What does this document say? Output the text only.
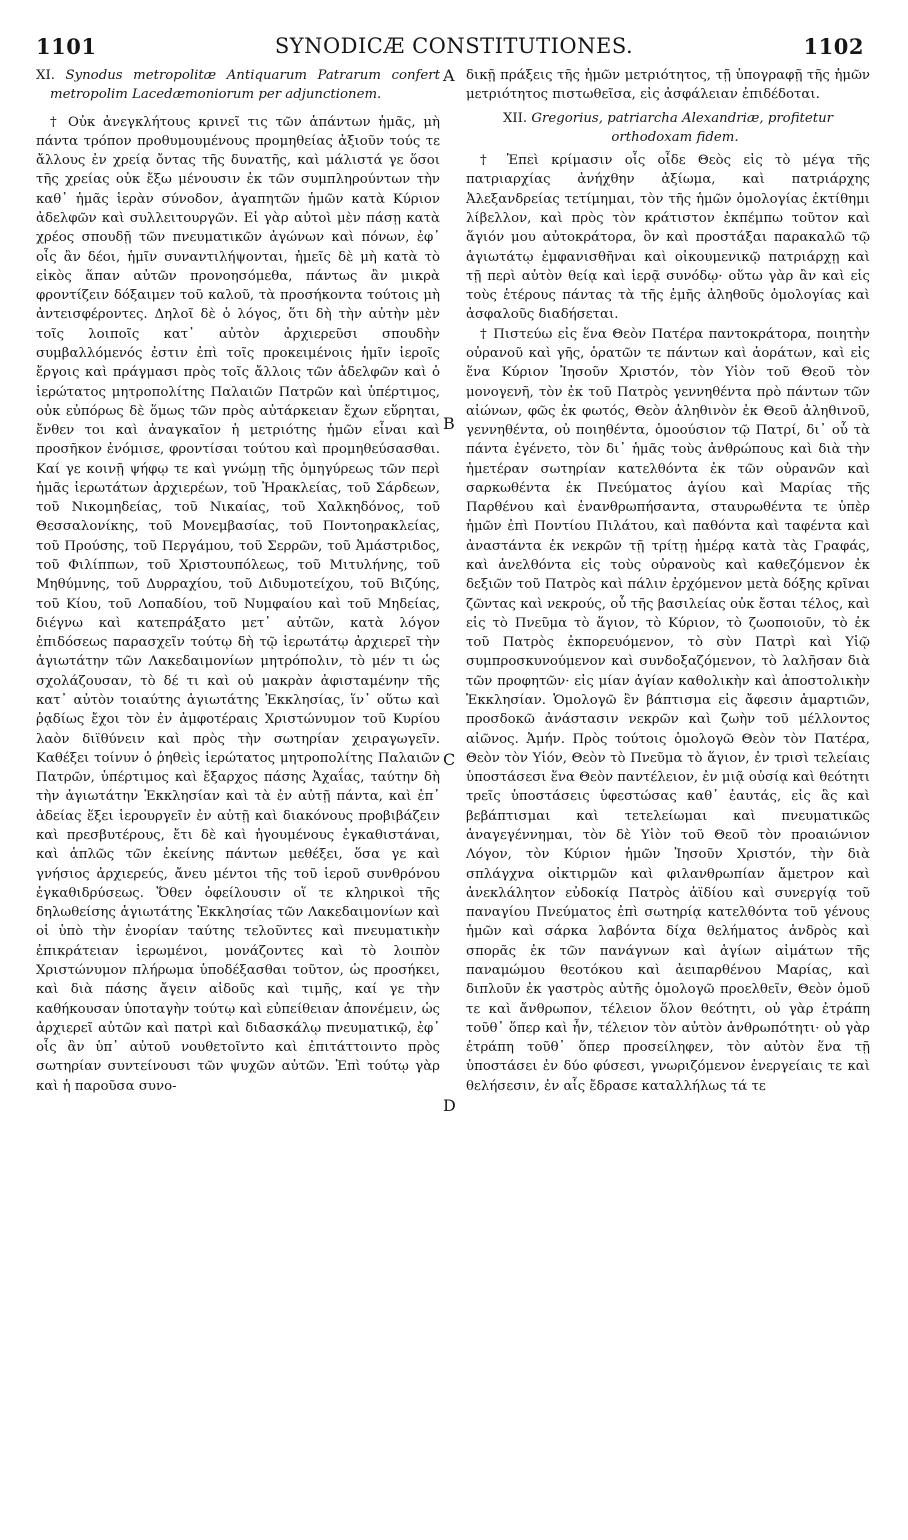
1101	SYNODICÆ CONSTITUTIONES.	1102

XI. Synodus metropolitæ Antiquarum Patrarum confert metropolim Lacedæmoniorum per adjunctionem.

† Οὐκ ἀνεγκλήτους κρινεῖ τις τῶν ἁπάντων ἡμᾶς, μὴ πάντα τρόπον προθυμουμένους προμηθείας ἀξιοῦν τούς τε ἄλλους ἐν χρείᾳ ὄντας τῆς δυνατῆς, καὶ μάλιστά γε ὅσοι τῆς χρείας οὐκ ἔξω μένουσιν ἐκ τῶν συμπληρούντων τὴν καθ᾽ ἡμᾶς ἱερὰν σύνοδον, ἀγαπητῶν ἡμῶν κατὰ Κύριον ἀδελφῶν καὶ συλλειτουργῶν. Εἰ γὰρ αὐτοὶ μὲν πάσῃ κατὰ χρέος σπουδῇ τῶν πνευματικῶν ἀγώνων καὶ πόνων, ἐφ᾽ οἷς ἂν δέοι, ἡμῖν συναντιλήψονται, ἡμεῖς δὲ μὴ κατὰ τὸ εἰκὸς ἅπαν αὐτῶν προνοησόμεθα, πάντως ἂν μικρὰ φροντίζειν δόξαιμεν τοῦ καλοῦ, τὰ προσήκοντα τούτοις μὴ ἀντεισφέροντες. Δηλοῖ δὲ ὁ λόγος, ὅτι δὴ τὴν αὐτὴν μὲν τοῖς λοιποῖς κατ᾽ αὐτὸν ἀρχιερεῦσι σπουδὴν συμβαλλόμενός ἐστιν ἐπὶ τοῖς προκειμένοις ἡμῖν ἱεροῖς ἔργοις καὶ πράγμασι πρὸς τοῖς ἄλλοις τῶν ἀδελφῶν καὶ ὁ ἱερώτατος μητροπολίτης Παλαιῶν Πατρῶν καὶ ὑπέρτιμος, οὐκ εὐπόρως δὲ ὅμως τῶν πρὸς αὐτάρκειαν ἔχων εὕρηται, ἔνθεν τοι καὶ ἀναγκαῖον ἡ μετριότης ἡμῶν εἶναι καὶ προσῆκον ἐνόμισε, φροντίσαι τούτου καὶ προμηθεύσασθαι. Καί γε κοινῇ ψήφῳ τε καὶ γνώμῃ τῆς ὁμηγύρεως τῶν περὶ ἡμᾶς ἱερωτάτων ἀρχιερέων, τοῦ Ἡρακλείας, τοῦ Σάρδεων, τοῦ Νικομηδείας, τοῦ Νικαίας, τοῦ Χαλκηδόνος, τοῦ Θεσσαλονίκης, τοῦ Μονεμβασίας, τοῦ Ποντοηρακλείας, τοῦ Προύσης, τοῦ Περγάμου, τοῦ Σερρῶν, τοῦ Ἀμάστριδος, τοῦ Φιλίππων, τοῦ Χριστουπόλεως, τοῦ Μιτυλήνης, τοῦ Μηθύμνης, τοῦ Δυρραχίου, τοῦ Διδυμοτείχου, τοῦ Βιζύης, τοῦ Κίου, τοῦ Λοπαδίου, τοῦ Νυμφαίου καὶ τοῦ Μηδείας, διέγνω καὶ κατεπράξατο μετ᾽ αὐτῶν, κατὰ λόγον ἐπιδόσεως παρασχεῖν τούτῳ δὴ τῷ ἱερωτάτῳ ἀρχιερεῖ τὴν ἁγιωτάτην τῶν Λακεδαιμονίων μητρόπολιν, τὸ μέν τι ὡς σχολάζουσαν, τὸ δέ τι καὶ οὐ μακρὰν ἀφισταμένην τῆς κατ᾽ αὐτὸν τοιαύτης ἁγιωτάτης Ἐκκλησίας, ἵν᾽ οὕτω καὶ ῥᾳδίως ἔχοι τὸν ἐν ἀμφοτέραις Χριστώνυμον τοῦ Κυρίου λαὸν διϊθύνειν καὶ πρὸς τὴν σωτηρίαν χειραγωγεῖν. Καθέξει τοίνυν ὁ ῥηθεὶς ἱερώτατος μητροπολίτης Παλαιῶν Πατρῶν, ὑπέρτιμος καὶ ἔξαρχος πάσης Ἀχαΐας, ταύτην δὴ τὴν ἁγιωτάτην Ἐκκλησίαν καὶ τὰ ἐν αὐτῇ πάντα, καὶ ἐπ᾽ ἀδείας ἕξει ἱερουργεῖν ἐν αὐτῇ καὶ διακόνους προβιβάζειν καὶ πρεσβυτέρους, ἔτι δὲ καὶ ἡγουμένους ἐγκαθιστάναι, καὶ ἁπλῶς τῶν ἐκείνης πάντων μεθέξει, ὅσα γε καὶ γνήσιος ἀρχιερεύς, ἄνευ μέντοι τῆς τοῦ ἱεροῦ συνθρόνου ἐγκαθιδρύσεως. Ὅθεν ὀφείλουσιν οἵ τε κληρικοὶ τῆς δηλωθείσης ἁγιωτάτης Ἐκκλησίας τῶν Λακεδαιμονίων καὶ οἱ ὑπὸ τὴν ἐνορίαν ταύτης τελοῦντες καὶ πνευματικὴν ἐπικράτειαν ἱερωμένοι, μονάζοντες καὶ τὸ λοιπὸν Χριστώνυμον πλήρωμα ὑποδέξασθαι τοῦτον, ὡς προσήκει, καὶ διὰ πάσης ἄγειν αἰδοῦς καὶ τιμῆς, καί γε τὴν καθήκουσαν ὑποταγὴν τούτῳ καὶ εὐπείθειαν ἀπονέμειν, ὡς ἀρχιερεῖ αὐτῶν καὶ πατρὶ καὶ διδασκάλῳ πνευματικῷ, ἐφ᾽ οἷς ἂν ὑπ᾽ αὐτοῦ νουθετοῖντο καὶ ἐπιτάττοιντο πρὸς σωτηρίαν συντείνουσι τῶν ψυχῶν αὐτῶν. Ἐπὶ τούτῳ γὰρ καὶ ἡ παροῦσα συνο-

A
B
C
D

δικῇ πράξεις τῆς ἡμῶν μετριότητος, τῇ ὑπογραφῇ τῆς ἡμῶν μετριότητος πιστωθεῖσα, εἰς ἀσφάλειαν ἐπιδέδοται.

XII. Gregorius, patriarcha Alexandriæ, profitetur orthodoxam fidem.

† Ἐπεὶ κρίμασιν οἷς οἶδε Θεὸς εἰς τὸ μέγα τῆς πατριαρχίας ἀνήχθην ἀξίωμα, καὶ πατριάρχης Ἀλεξανδρείας τετίμημαι, τὸν τῆς ἡμῶν ὁμολογίας ἐκτίθημι λίβελλον, καὶ πρὸς τὸν κράτιστον ἐκπέμπω τοῦτον καὶ ἅγιόν μου αὐτοκράτορα, ὃν καὶ προστάξαι παρακαλῶ τῷ ἁγιωτάτῳ ἐμφανισθῆναι καὶ οἰκουμενικῷ πατριάρχῃ καὶ τῇ περὶ αὐτὸν θείᾳ καὶ ἱερᾷ συνόδῳ· οὕτω γὰρ ἂν καὶ εἰς τοὺς ἑτέρους πάντας τὰ τῆς ἐμῆς ἀληθοῦς ὁμολογίας καὶ ἀσφαλοῦς διαδήσεται.

† Πιστεύω εἰς ἕνα Θεὸν Πατέρα παντοκράτορα, ποιητὴν οὐρανοῦ καὶ γῆς, ὁρατῶν τε πάντων καὶ ἀοράτων, καὶ εἰς ἕνα Κύριον Ἰησοῦν Χριστόν, τὸν Υἱὸν τοῦ Θεοῦ τὸν μονογενῆ, τὸν ἐκ τοῦ Πατρὸς γεννηθέντα πρὸ πάντων τῶν αἰώνων, φῶς ἐκ φωτός, Θεὸν ἀληθινὸν ἐκ Θεοῦ ἀληθινοῦ, γεννηθέντα, οὐ ποιηθέντα, ὁμοούσιον τῷ Πατρί, δι᾽ οὗ τὰ πάντα ἐγένετο, τὸν δι᾽ ἡμᾶς τοὺς ἀνθρώπους καὶ διὰ τὴν ἡμετέραν σωτηρίαν κατελθόντα ἐκ τῶν οὐρανῶν καὶ σαρκωθέντα ἐκ Πνεύματος ἁγίου καὶ Μαρίας τῆς Παρθένου καὶ ἐνανθρωπήσαντα, σταυρωθέντα τε ὑπὲρ ἡμῶν ἐπὶ Ποντίου Πιλάτου, καὶ παθόντα καὶ ταφέντα καὶ ἀναστάντα ἐκ νεκρῶν τῇ τρίτῃ ἡμέρᾳ κατὰ τὰς Γραφάς, καὶ ἀνελθόντα εἰς τοὺς οὐρανοὺς καὶ καθεζόμενον ἐκ δεξιῶν τοῦ Πατρὸς καὶ πάλιν ἐρχόμενον μετὰ δόξης κρῖναι ζῶντας καὶ νεκρούς, οὗ τῆς βασιλείας οὐκ ἔσται τέλος, καὶ εἰς τὸ Πνεῦμα τὸ ἅγιον, τὸ Κύριον, τὸ ζωοποιοῦν, τὸ ἐκ τοῦ Πατρὸς ἐκπορευόμενον, τὸ σὺν Πατρὶ καὶ Υἱῷ συμπροσκυνούμενον καὶ συνδοξαζόμενον, τὸ λαλῆσαν διὰ τῶν προφητῶν· εἰς μίαν ἁγίαν καθολικὴν καὶ ἀποστολικὴν Ἐκκλησίαν. Ὁμολογῶ ἓν βάπτισμα εἰς ἄφεσιν ἁμαρτιῶν, προσδοκῶ ἀνάστασιν νεκρῶν καὶ ζωὴν τοῦ μέλλοντος αἰῶνος. Ἀμήν. Πρὸς τούτοις ὁμολογῶ Θεὸν τὸν Πατέρα, Θεὸν τὸν Υἱόν, Θεὸν τὸ Πνεῦμα τὸ ἅγιον, ἐν τρισὶ τελείαις ὑποστάσεσι ἕνα Θεὸν παντέλειον, ἐν μιᾷ οὐσίᾳ καὶ θεότητι τρεῖς ὑποστάσεις ὑφεστώσας καθ᾽ ἑαυτάς, εἰς ἃς καὶ βεβάπτισμαι καὶ τετελείωμαι καὶ πνευματικῶς ἀναγεγέννημαι, τὸν δὲ Υἱὸν τοῦ Θεοῦ τὸν προαιώνιον Λόγον, τὸν Κύριον ἡμῶν Ἰησοῦν Χριστόν, τὴν διὰ σπλάγχνα οἰκτιρμῶν καὶ φιλανθρωπίαν ἄμετρον καὶ ἀνεκλάλητον εὐδοκίᾳ Πατρὸς ἀϊδίου καὶ συνεργίᾳ τοῦ παναγίου Πνεύματος ἐπὶ σωτηρίᾳ κατελθόντα τοῦ γένους ἡμῶν καὶ σάρκα λαβόντα δίχα θελήματος ἀνδρὸς καὶ σπορᾶς ἐκ τῶν πανάγνων καὶ ἁγίων αἱμάτων τῆς παναμώμου θεοτόκου καὶ ἀειπαρθένου Μαρίας, καὶ διπλοῦν ἐκ γαστρὸς αὐτῆς ὁμολογῶ προελθεῖν, Θεὸν ὁμοῦ τε καὶ ἄνθρωπον, τέλειον ὅλον θεότητι, οὐ γὰρ ἐτράπη τοῦθ᾽ ὅπερ καὶ ἦν, τέλειον τὸν αὐτὸν ἀνθρωπότητι· οὐ γὰρ ἐτράπη τοῦθ᾽ ὅπερ προσείληφεν, τὸν αὐτὸν ἕνα τῇ ὑποστάσει ἐν δύο φύσεσι, γνωριζόμενον ἐνεργείαις τε καὶ θελήσεσιν, ἐν αἷς ἔδρασε καταλλήλως τά τε
